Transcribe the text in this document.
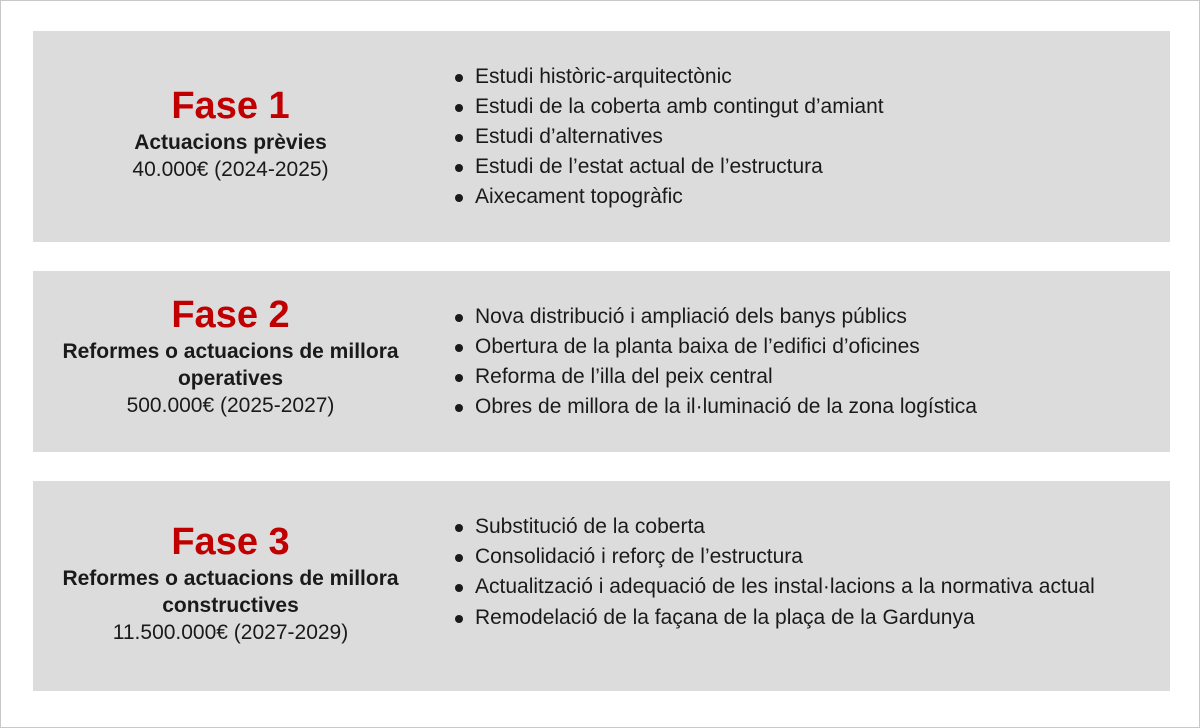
Fase 1
Actuacions prèvies
40.000€ (2024-2025)
Estudi històric-arquitectònic
Estudi de la coberta amb contingut d’amiant
Estudi d’alternatives
Estudi de l’estat actual de l’estructura
Aixecament topogràfic
Fase 2
Reformes o actuacions de millora operatives
500.000€ (2025-2027)
Nova distribució i ampliació dels banys públics
Obertura de la planta baixa de l’edifici d’oficines
Reforma de l’illa del peix central
Obres de millora de la il·luminació de la zona logística
Fase 3
Reformes o actuacions de millora constructives
11.500.000€ (2027-2029)
Substitució de la coberta
Consolidació i reforç de l’estructura
Actualització i adequació de les instal·lacions a la normativa actual
Remodelació de la façana de la plaça de la Gardunya
